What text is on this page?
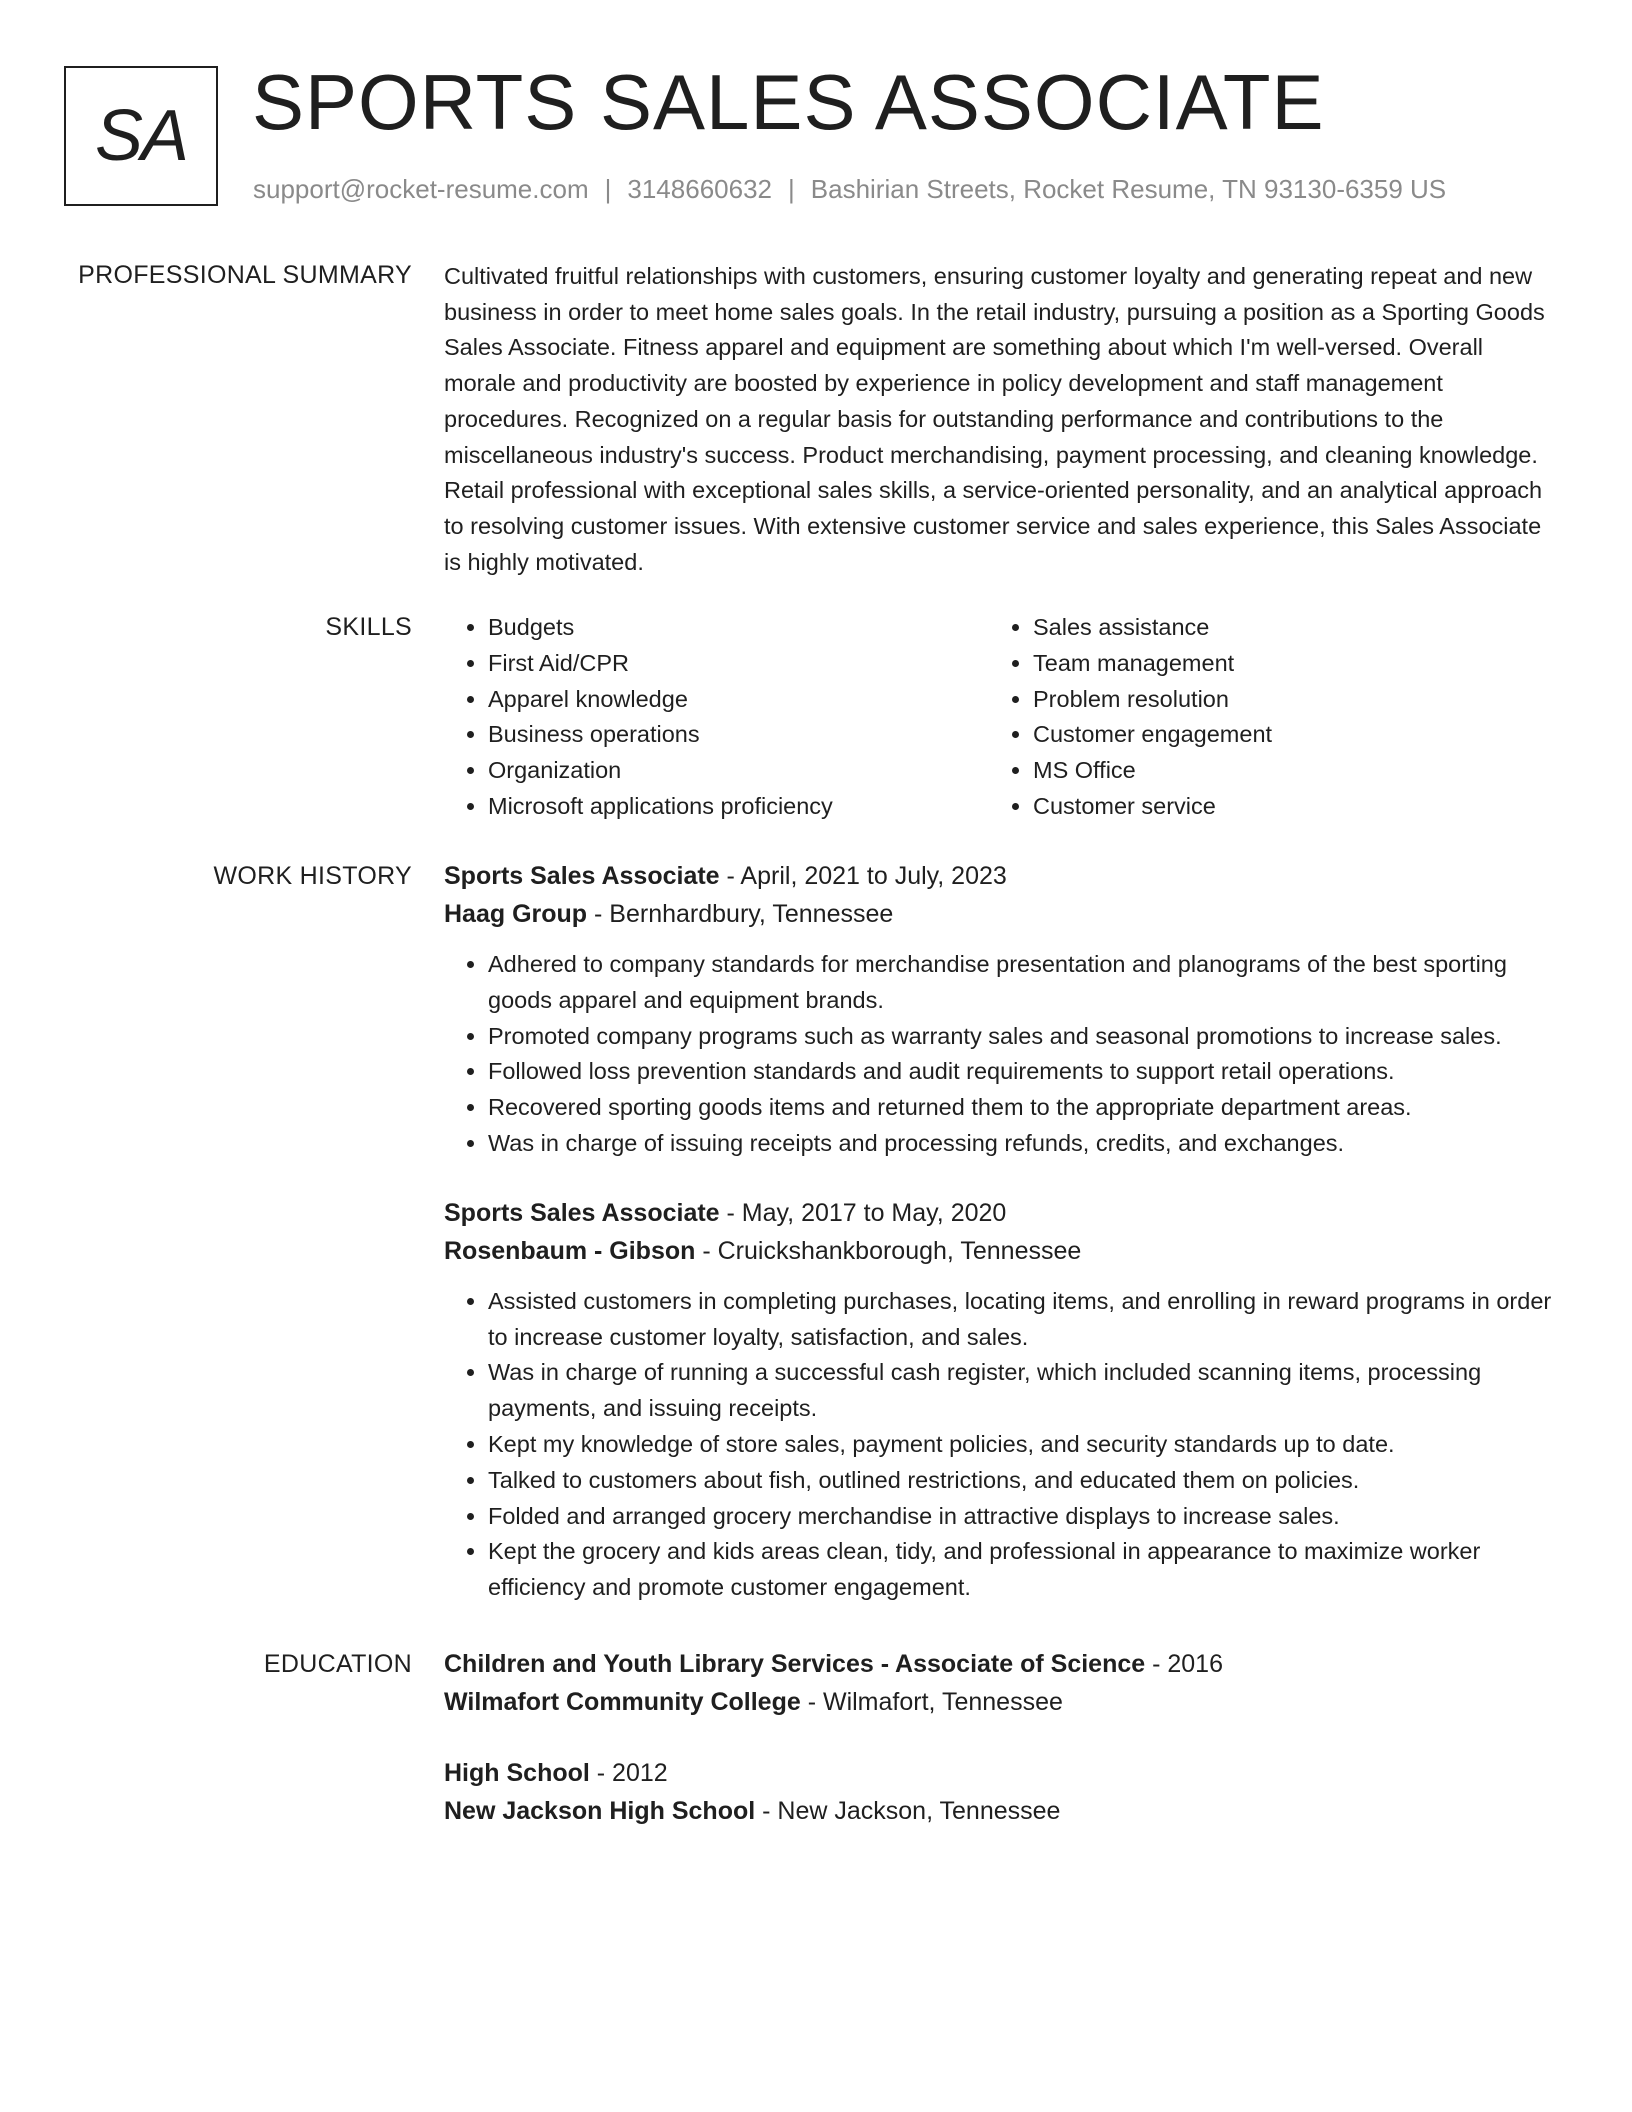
SA SPORTS SALES ASSOCIATE
support@rocket-resume.com | 3148660632 | Bashirian Streets, Rocket Resume, TN 93130-6359 US
PROFESSIONAL SUMMARY Cultivated fruitful relationships with customers, ensuring customer loyalty and generating repeat and new business in order to meet home sales goals. In the retail industry, pursuing a position as a Sporting Goods Sales Associate. Fitness apparel and equipment are something about which I'm well-versed. Overall morale and productivity are boosted by experience in policy development and staff management procedures. Recognized on a regular basis for outstanding performance and contributions to the miscellaneous industry's success. Product merchandising, payment processing, and cleaning knowledge. Retail professional with exceptional sales skills, a service-oriented personality, and an analytical approach to resolving customer issues. With extensive customer service and sales experience, this Sales Associate is highly motivated.

SKILLS
•	Budgets
• First Aid/CPR
• Apparel knowledge
• Business operations
• Organization
• Microsoft applications proficiency
• Sales assistance
• Team management
• Problem resolution
• Customer engagement
• MS Office
• Customer service
WORK HISTORY Sports Sales Associate - April, 2021 to July, 2023
Haag Group - Bernhardbury, Tennessee
• Adhered to company standards for merchandise presentation and planograms of the best sporting goods apparel and equipment brands.
• Promoted company programs such as warranty sales and seasonal promotions to increase sales.
• Followed loss prevention standards and audit requirements to support retail operations.
• Recovered sporting goods items and returned them to the appropriate department areas.
• Was in charge of issuing receipts and processing refunds, credits, and exchanges.
Sports Sales Associate - May, 2017 to May, 2020
Rosenbaum - Gibson - Cruickshankborough, Tennessee
• Assisted customers in completing purchases, locating items, and enrolling in reward programs in order to increase customer loyalty, satisfaction, and sales.
• Was in charge of running a successful cash register, which included scanning items, processing payments, and issuing receipts.
• Kept my knowledge of store sales, payment policies, and security standards up to date.
• Talked to customers about fish, outlined restrictions, and educated them on policies.
• Folded and arranged grocery merchandise in attractive displays to increase sales.
• Kept the grocery and kids areas clean, tidy, and professional in appearance to maximize worker efficiency and promote customer engagement.
EDUCATION Children and Youth Library Services - Associate of Science - 2016
Wilmafort Community College - Wilmafort, Tennessee
High School - 2012
New Jackson High School - New Jackson, Tennessee
